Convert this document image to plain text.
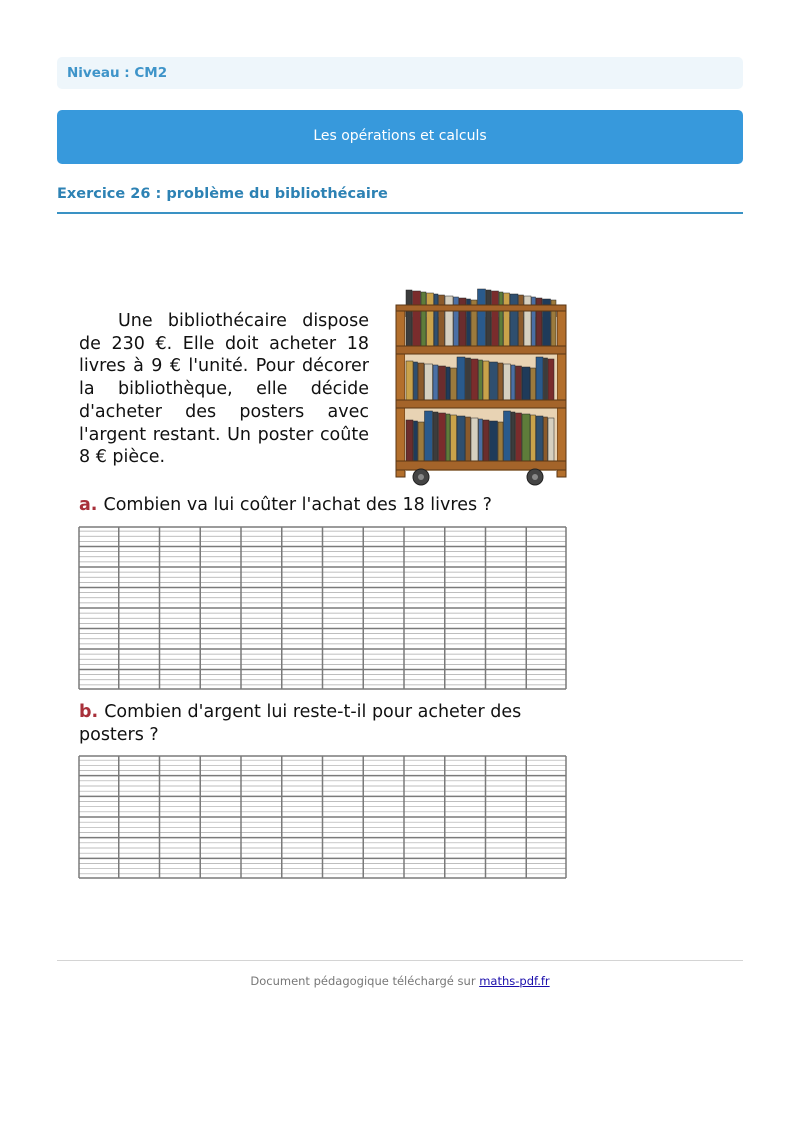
Niveau : CM2
Les opérations et calculs
Exercice 26 : problème du bibliothécaire

Une bibliothécaire dispose de 230 €. Elle doit acheter 18 livres à 9 € l'unité. Pour décorer la bibliothèque, elle décide d'acheter des posters avec l'argent restant. Un poster coûte 8 € pièce.

a. Combien va lui coûter l'achat des 18 livres ?

b. Combien d'argent lui reste-t-il pour acheter des posters ?

Document pédagogique téléchargé sur maths-pdf.fr
